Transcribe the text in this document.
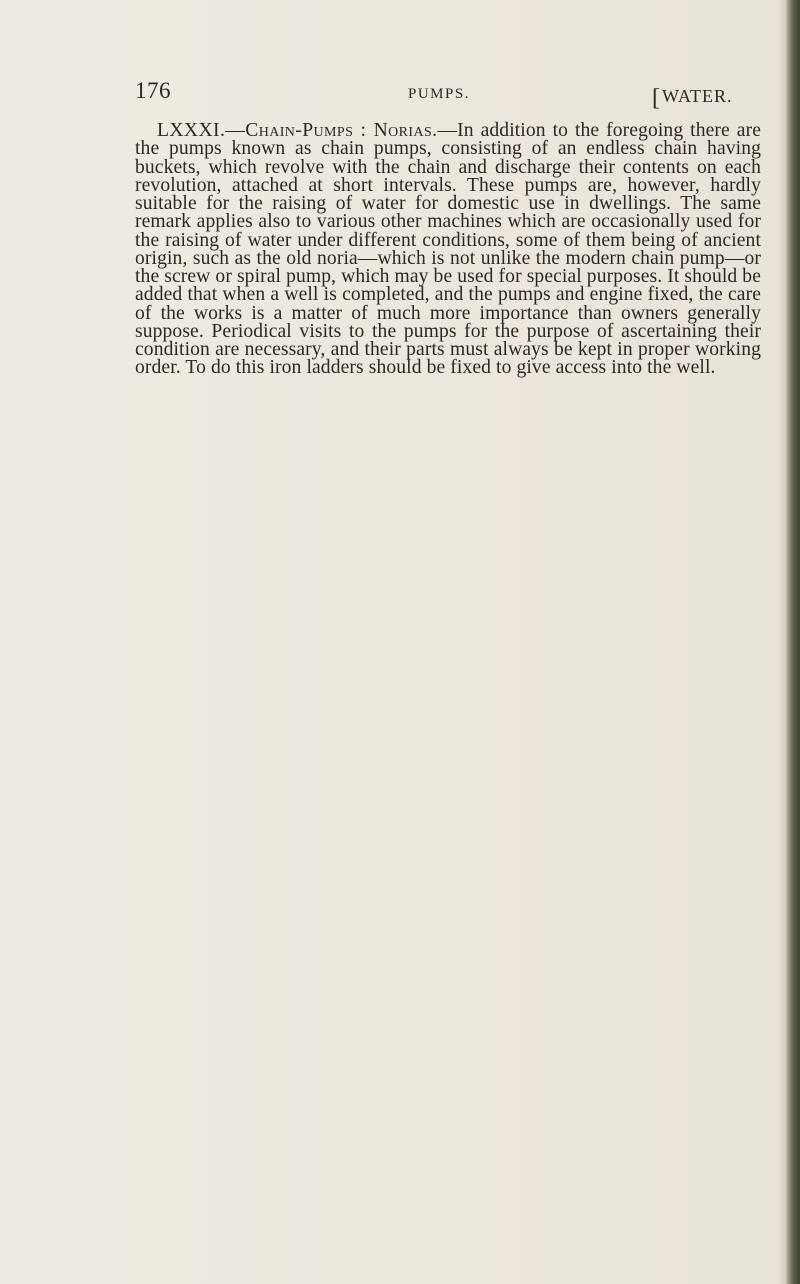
176	PUMPS.	[WATER.

LXXXI.—Chain-Pumps : Norias.—In addition to the foregoing there are the pumps known as chain pumps, consisting of an endless chain having buckets, which revolve with the chain and discharge their contents on each revolution, attached at short intervals. These pumps are, however, hardly suitable for the raising of water for domestic use in dwellings. The same remark applies also to various other machines which are occasionally used for the raising of water under different conditions, some of them being of ancient origin, such as the old noria—which is not unlike the modern chain pump—or the screw or spiral pump, which may be used for special purposes. It should be added that when a well is completed, and the pumps and engine fixed, the care of the works is a matter of much more importance than owners generally suppose. Periodical visits to the pumps for the purpose of ascertaining their condition are necessary, and their parts must always be kept in proper working order. To do this iron ladders should be fixed to give access into the well.
